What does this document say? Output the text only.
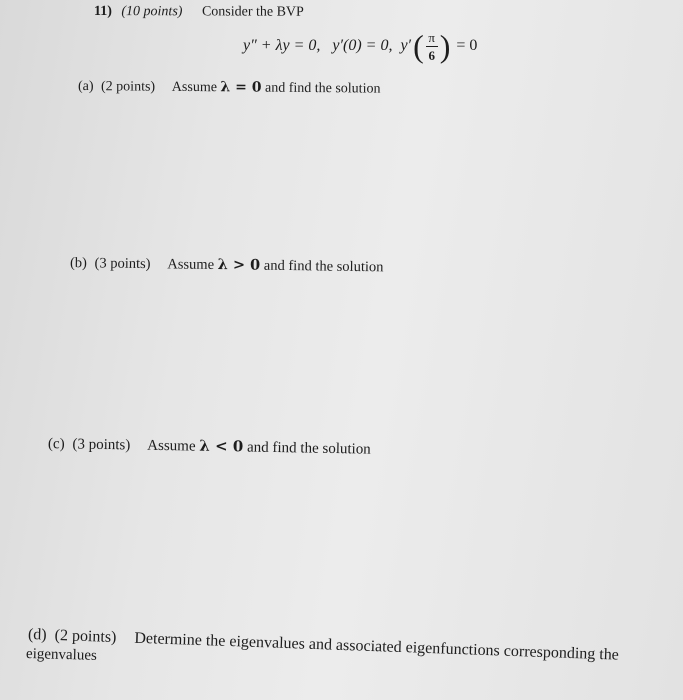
11) (10 points) Consider the BVP
y″ + λy = 0, y′(0) = 0, y′ ( $\frac{\pi}{6}$ ) = 0
(a) (2 points) Assume λ = 0 and find the solution
(b) (3 points) Assume λ > 0 and find the solution
(c) (3 points) Assume λ < 0 and find the solution
(d) (2 points) Determine the eigenvalues and associated eigenfunctions corresponding the
eigenvalues
